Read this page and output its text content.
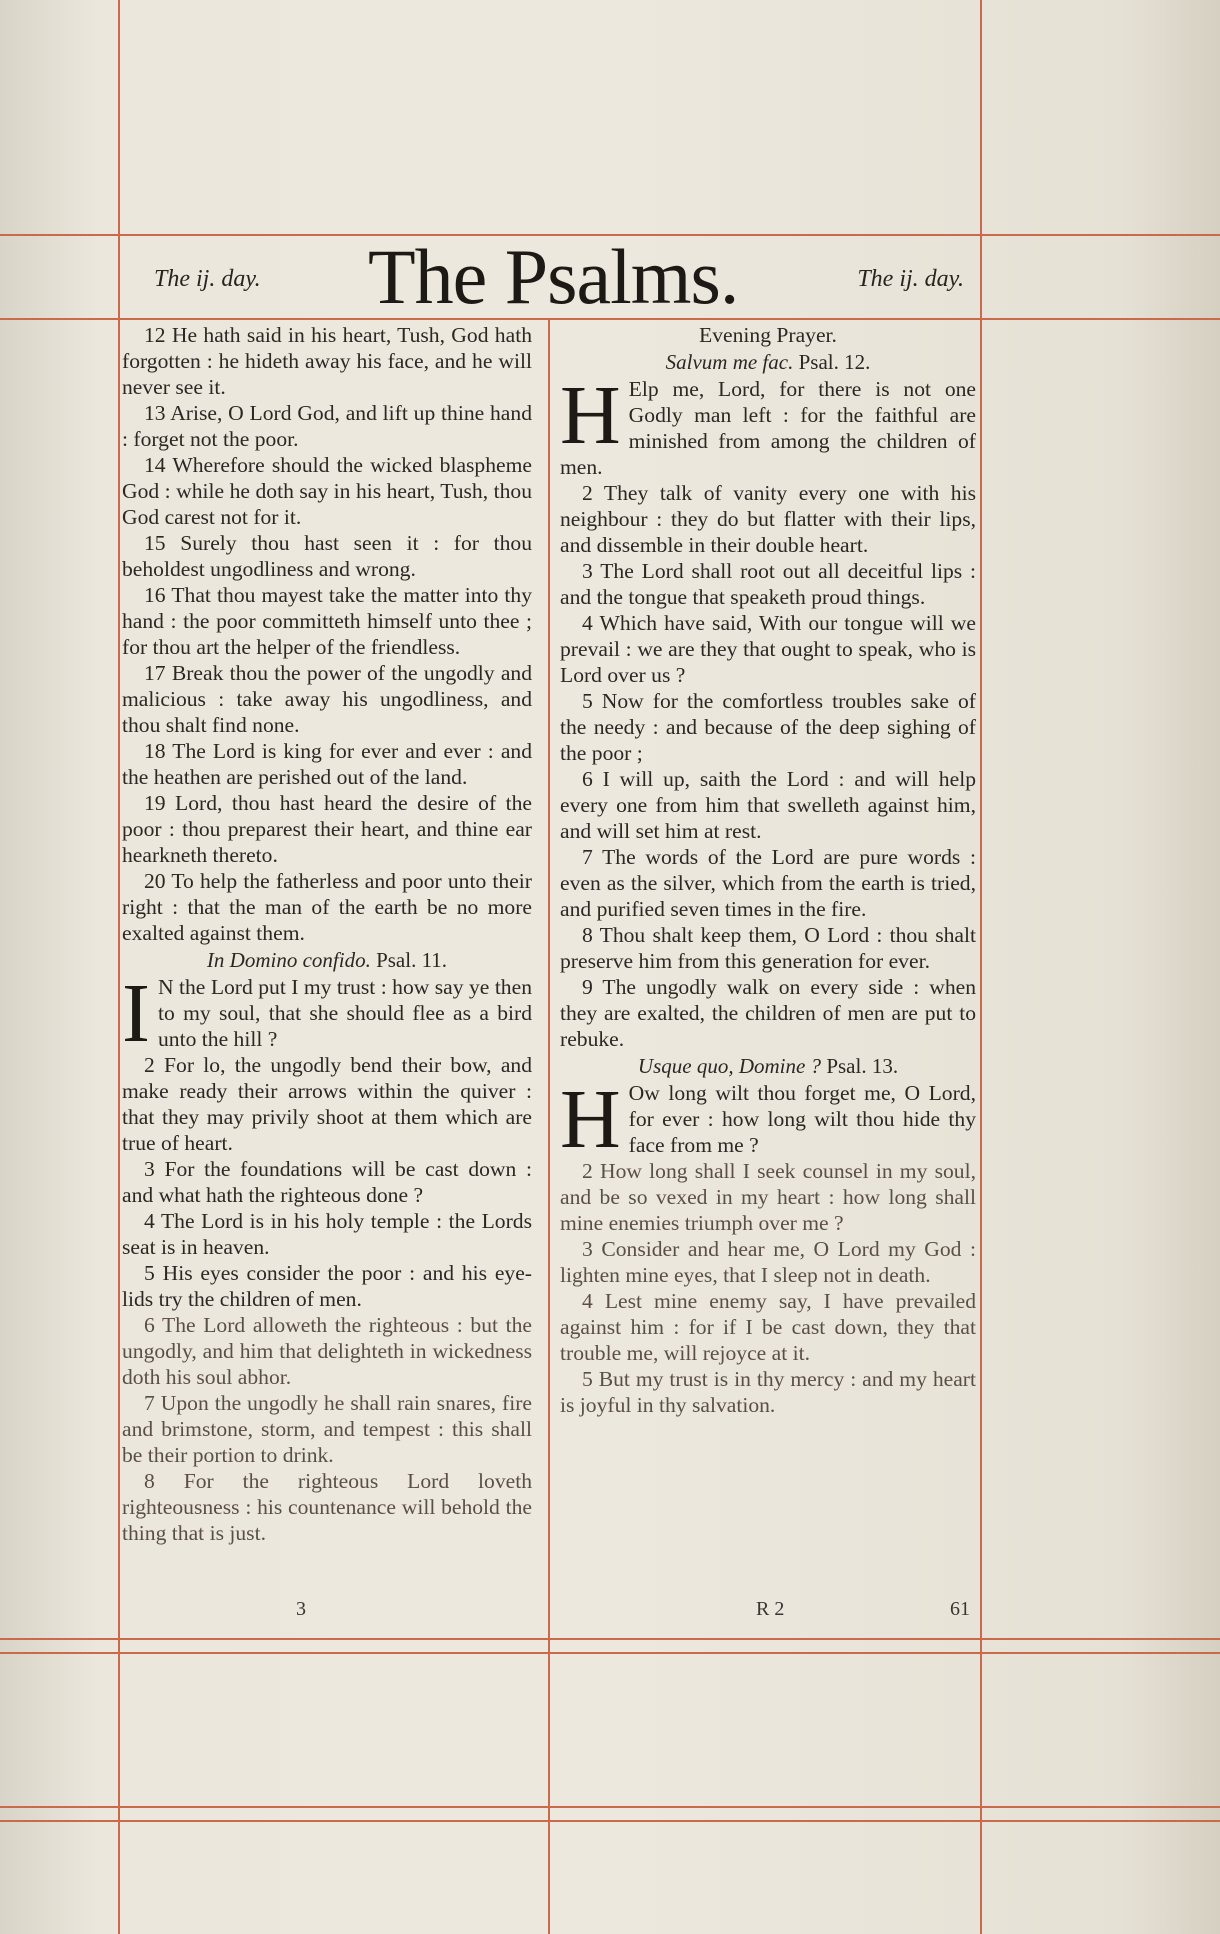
The ij. day. The Psalms.	The ij. day.

12 He hath said in his heart, Tush, God hath forgotten : he hideth away his face, and he will never see it.

13 Arise, O Lord God, and lift up thine hand : forget not the poor.

14 Wherefore should the wicked blaspheme God : while he doth say in his heart, Tush, thou God carest not for it.

15 Surely thou hast seen it : for thou beholdest ungodliness and wrong.

16 That thou mayest take the matter into thy hand : the poor committeth himself unto thee ; for thou art the helper of the friendless.

17 Break thou the power of the ungodly and malicious : take away his ungodliness, and thou shalt find none.

18 The Lord is king for ever and ever : and the heathen are perished out of the land.

19 Lord, thou hast heard the desire of the poor : thou preparest their heart, and thine ear hearkneth thereto.

20 To help the fatherless and poor unto their right : that the man of the earth be no more exalted against them.

In Domino confido. Psal. 11.

I N the Lord put I my trust : how say ye then to my soul, that she should flee as a bird unto the hill ?

2 For lo, the ungodly bend their bow, and make ready their arrows within the quiver : that they may privily shoot at them which are true of heart.

3 For the foundations will be cast down : and what hath the righteous done ?

4 The Lord is in his holy temple : the Lords seat is in heaven.

5 His eyes consider the poor : and his eye-lids try the children of men.

6 The Lord alloweth the righteous : but the ungodly, and him that delighteth in wickedness doth his soul abhor.

7 Upon the ungodly he shall rain snares, fire and brimstone, storm, and tempest : this shall be their portion to drink.

8 For the righteous Lord loveth righteousness : his countenance will behold the thing that is just.

Evening Prayer.
Salvum me fac. Psal. 12.

H Elp me, Lord, for there is not one Godly man left : for the faithful are minished from among the children of men.

2 They talk of vanity every one with his neighbour : they do but flatter with their lips, and dissemble in their double heart.

3 The Lord shall root out all deceitful lips : and the tongue that speaketh proud things.

4 Which have said, With our tongue will we prevail : we are they that ought to speak, who is Lord over us ?

5 Now for the comfortless troubles sake of the needy : and because of the deep sighing of the poor ;

6 I will up, saith the Lord : and will help every one from him that swelleth against him, and will set him at rest.

7 The words of the Lord are pure words : even as the silver, which from the earth is tried, and purified seven times in the fire.

8 Thou shalt keep them, O Lord : thou shalt preserve him from this generation for ever.

9 The ungodly walk on every side : when they are exalted, the children of men are put to rebuke.

Usque quo, Domine ? Psal. 13.

H Ow long wilt thou forget me, O Lord, for ever : how long wilt thou hide thy face from me ?

2 How long shall I seek counsel in my soul, and be so vexed in my heart : how long shall mine enemies triumph over me ?

3 Consider and hear me, O Lord my God : lighten mine eyes, that I sleep not in death.

4 Lest mine enemy say, I have prevailed against him : for if I be cast down, they that trouble me, will rejoyce at it.

5 But my trust is in thy mercy : and my heart is joyful in thy salvation.

3	R 2	61
